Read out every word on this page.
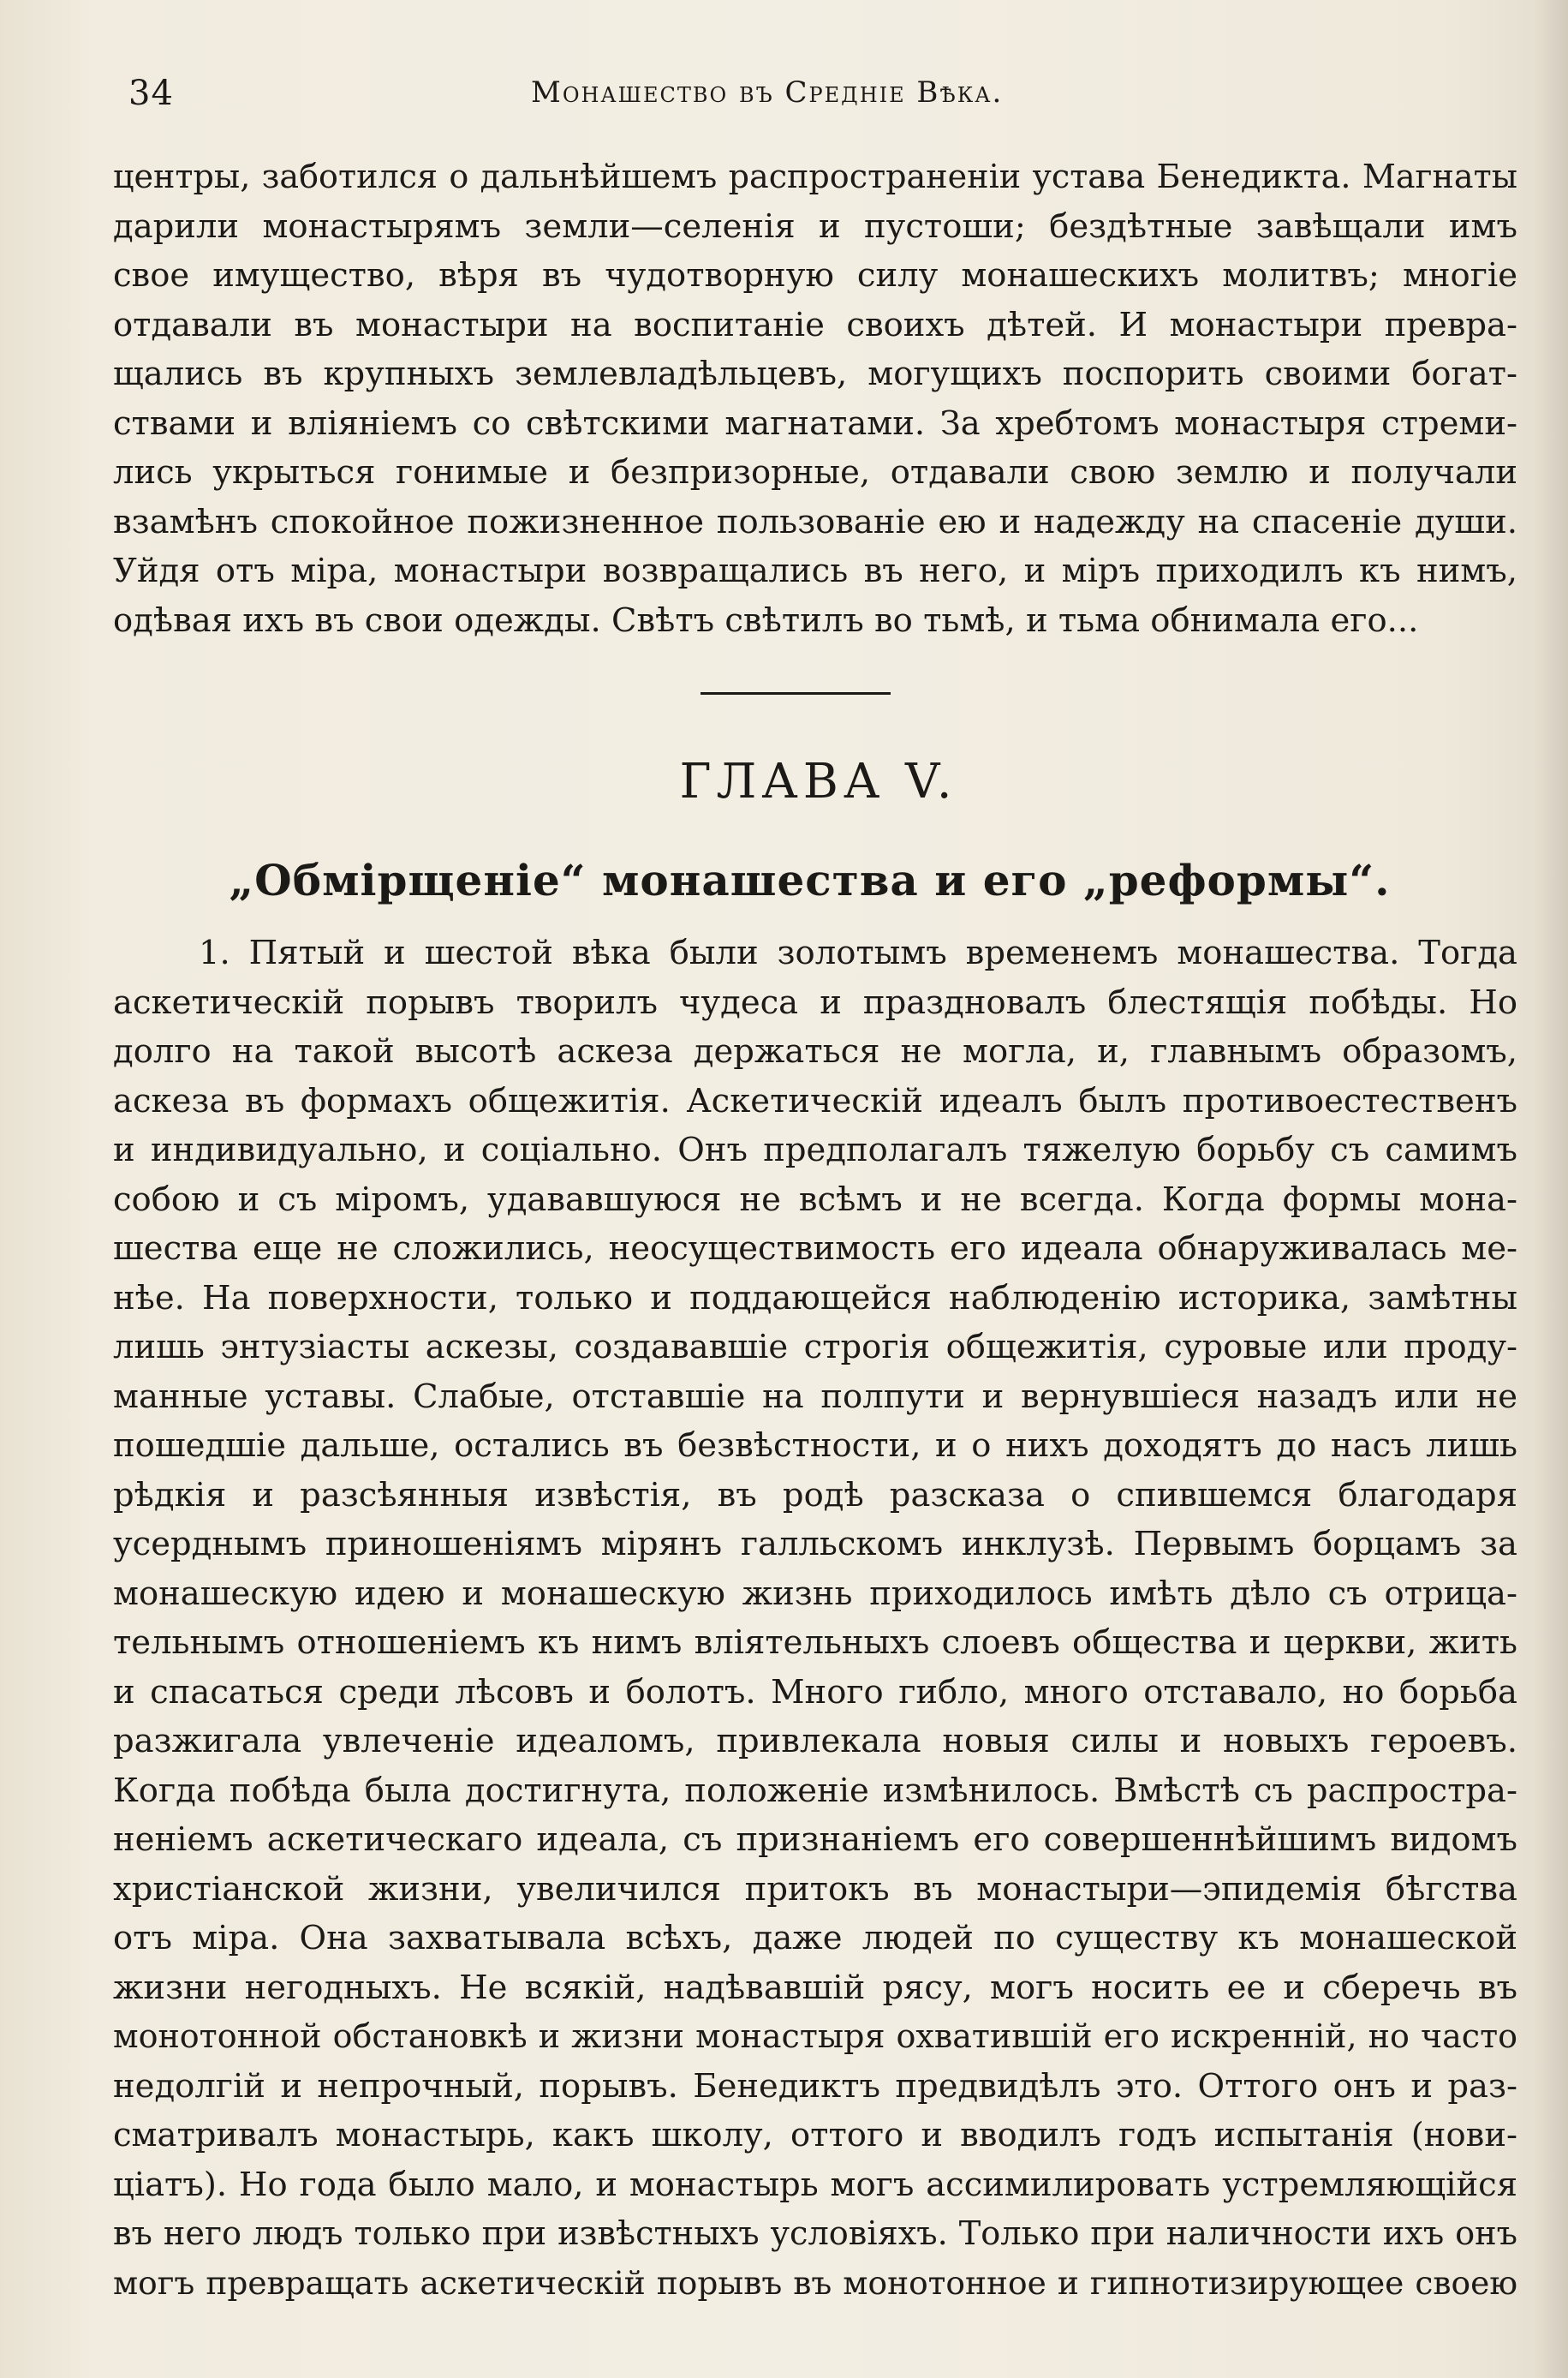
34	Монашество въ Средніе Вѣка.
центры, заботился о дальнѣйшемъ распространеніи устава Бенедикта. Магнаты
дарили монастырямъ земли—селенія и пустоши; бездѣтные завѣщали имъ
свое имущество, вѣря въ чудотворную силу монашескихъ молитвъ; многіе
отдавали въ монастыри на воспитаніе своихъ дѣтей. И монастыри превра-
щались въ крупныхъ землевладѣльцевъ, могущихъ поспорить своими богат-
ствами и вліяніемъ со свѣтскими магнатами. За хребтомъ монастыря стреми-
лись укрыться гонимые и безпризорные, отдавали свою землю и получали
взамѣнъ спокойное пожизненное пользованіе ею и надежду на спасеніе души.
Уйдя отъ міра, монастыри возвращались въ него, и міръ приходилъ къ нимъ,
одѣвая ихъ въ свои одежды. Свѣтъ свѣтилъ во тьмѣ, и тьма обнимала его...
ГЛАВА V.
„Обмірщеніе“ монашества и его „реформы“.
1. Пятый и шестой вѣка были золотымъ временемъ монашества. Тогда
аскетическій порывъ творилъ чудеса и праздновалъ блестящія побѣды. Но
долго на такой высотѣ аскеза держаться не могла, и, главнымъ образомъ,
аскеза въ формахъ общежитія. Аскетическій идеалъ былъ противоестественъ
и индивидуально, и соціально. Онъ предполагалъ тяжелую борьбу съ самимъ
собою и съ міромъ, удававшуюся не всѣмъ и не всегда. Когда формы мона-
шества еще не сложились, неосуществимость его идеала обнаруживалась ме-
нѣе. На поверхности, только и поддающейся наблюденію историка, замѣтны
лишь энтузіасты аскезы, создававшіе строгія общежитія, суровые или проду-
манные уставы. Слабые, отставшіе на полпути и вернувшіеся назадъ или не
пошедшіе дальше, остались въ безвѣстности, и о нихъ доходятъ до насъ лишь
рѣдкія и разсѣянныя извѣстія, въ родѣ разсказа о спившемся благодаря
усерднымъ приношеніямъ мірянъ галльскомъ инклузѣ. Первымъ борцамъ за
монашескую идею и монашескую жизнь приходилось имѣть дѣло съ отрица-
тельнымъ отношеніемъ къ нимъ вліятельныхъ слоевъ общества и церкви, жить
и спасаться среди лѣсовъ и болотъ. Много гибло, много отставало, но борьба
разжигала увлеченіе идеаломъ, привлекала новыя силы и новыхъ героевъ.
Когда побѣда была достигнута, положеніе измѣнилось. Вмѣстѣ съ распростра-
неніемъ аскетическаго идеала, съ признаніемъ его совершеннѣйшимъ видомъ
христіанской жизни, увеличился притокъ въ монастыри—эпидемія бѣгства
отъ міра. Она захватывала всѣхъ, даже людей по существу къ монашеской
жизни негодныхъ. Не всякій, надѣвавшій рясу, могъ носить ее и сберечь въ
монотонной обстановкѣ и жизни монастыря охватившій его искренній, но часто
недолгій и непрочный, порывъ. Бенедиктъ предвидѣлъ это. Оттого онъ и раз-
сматривалъ монастырь, какъ школу, оттого и вводилъ годъ испытанія (нови-
ціатъ). Но года было мало, и монастырь могъ ассимилировать устремляющійся
въ него людъ только при извѣстныхъ условіяхъ. Только при наличности ихъ онъ
могъ превращать аскетическій порывъ въ монотонное и гипнотизирующее своею
